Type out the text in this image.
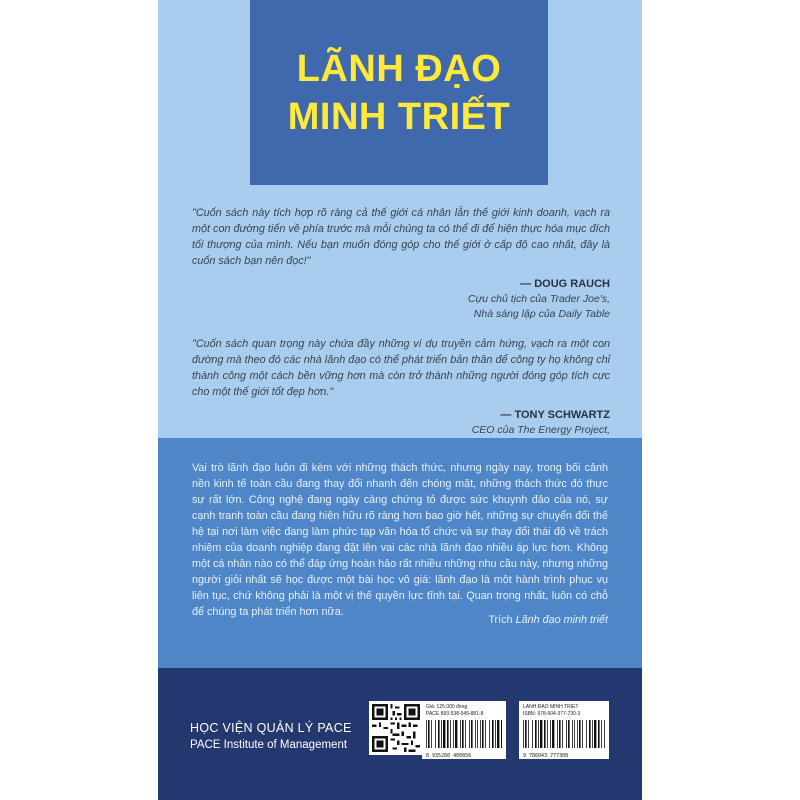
LÃNH ĐẠO
MINH TRIẾT

"Cuốn sách này tích hợp rõ ràng cả thế giới cá nhân lẫn thế giới kinh doanh, vạch ra một con đường tiến về phía trước mà mỗi chúng ta có thể đi để hiện thực hóa mục đích tối thượng của mình. Nếu bạn muốn đóng góp cho thế giới ở cấp độ cao nhất, đây là cuốn sách bạn nên đọc!"

— DOUG RAUCH
Cựu chủ tịch của Trader Joe's,
Nhà sáng lập của Daily Table

"Cuốn sách quan trọng này chứa đầy những ví dụ truyền cảm hứng, vạch ra một con đường mà theo đó các nhà lãnh đạo có thể phát triển bản thân để công ty họ không chỉ thành công một cách bền vững hơn mà còn trở thành những người đóng góp tích cực cho một thế giới tốt đẹp hơn."

— TONY SCHWARTZ
CEO của The Energy Project,

Vai trò lãnh đạo luôn đi kèm với những thách thức, nhưng ngày nay, trong bối cảnh nền kinh tế toàn cầu đang thay đổi nhanh đến chóng mặt, những thách thức đó thực sự rất lớn. Công nghệ đang ngày càng chứng tỏ được sức khuynh đảo của nó, sự cạnh tranh toàn cầu đang hiện hữu rõ ràng hơn bao giờ hết, những sự chuyển đổi thế hệ tại nơi làm việc đang làm phức tạp văn hóa tổ chức và sự thay đổi thái độ về trách nhiệm của doanh nghiệp đang đặt lên vai các nhà lãnh đạo nhiều áp lực hơn. Không một cá nhân nào có thể đáp ứng hoàn hảo rất nhiều những nhu cầu này, nhưng những người giỏi nhất sẽ học được một bài học vô giá: lãnh đạo là một hành trình phục vụ liên tục, chứ không phải là một vị thế quyền lực tĩnh tại. Quan trọng nhất, luôn có chỗ để chúng ta phát triển hơn nữa.

Trích Lãnh đạo minh triết
HỌC VIỆN QUẢN LÝ PACE
PACE Institute of Management
Giá: 125.000 đồng
PACE 893-538-545-881-8
8 935280 400856
LÃNH ĐẠO MINH TRIẾT
ISBN: 978-604-377-730-3
9 786043 777308
